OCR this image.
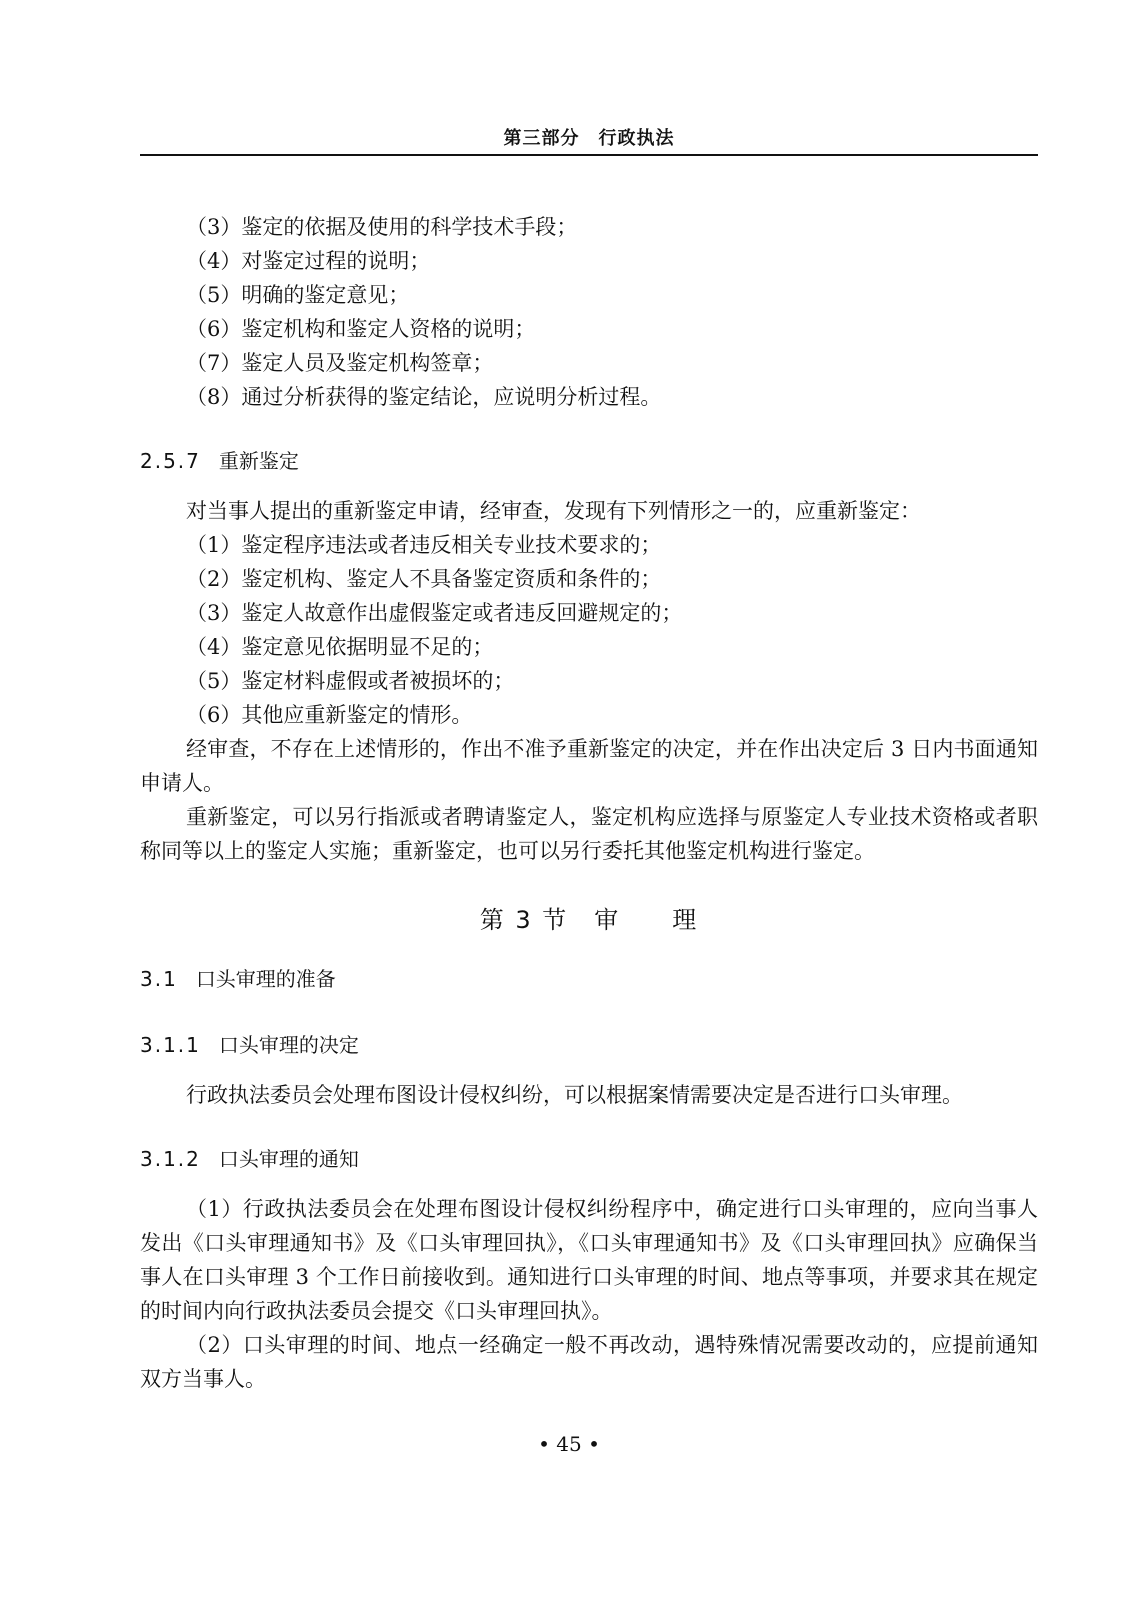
第三部分　行政执法

（3）鉴定的依据及使用的科学技术手段；

（4）对鉴定过程的说明；

（5）明确的鉴定意见；

（6）鉴定机构和鉴定人资格的说明；

（7）鉴定人员及鉴定机构签章；

（8）通过分析获得的鉴定结论，应说明分析过程。

2.5.7 重新鉴定

对当事人提出的重新鉴定申请，经审查，发现有下列情形之一的，应重新鉴定：

（1）鉴定程序违法或者违反相关专业技术要求的；

（2）鉴定机构、鉴定人不具备鉴定资质和条件的；

（3）鉴定人故意作出虚假鉴定或者违反回避规定的；

（4）鉴定意见依据明显不足的；

（5）鉴定材料虚假或者被损坏的；

（6）其他应重新鉴定的情形。

经审查，不存在上述情形的，作出不准予重新鉴定的决定，并在作出决定后 3 日内书面通知申请人。

重新鉴定，可以另行指派或者聘请鉴定人，鉴定机构应选择与原鉴定人专业技术资格或者职称同等以上的鉴定人实施；重新鉴定，也可以另行委托其他鉴定机构进行鉴定。

第 3 节　审　　理
3.1 口头审理的准备
3.1.1 口头审理的决定

行政执法委员会处理布图设计侵权纠纷，可以根据案情需要决定是否进行口头审理。

3.1.2 口头审理的通知

（1）行政执法委员会在处理布图设计侵权纠纷程序中，确定进行口头审理的，应向当事人发出《口头审理通知书》及《口头审理回执》，《口头审理通知书》及《口头审理回执》应确保当事人在口头审理 3 个工作日前接收到。通知进行口头审理的时间、地点等事项，并要求其在规定的时间内向行政执法委员会提交《口头审理回执》。

（2）口头审理的时间、地点一经确定一般不再改动，遇特殊情况需要改动的，应提前通知双方当事人。

• 45 •
